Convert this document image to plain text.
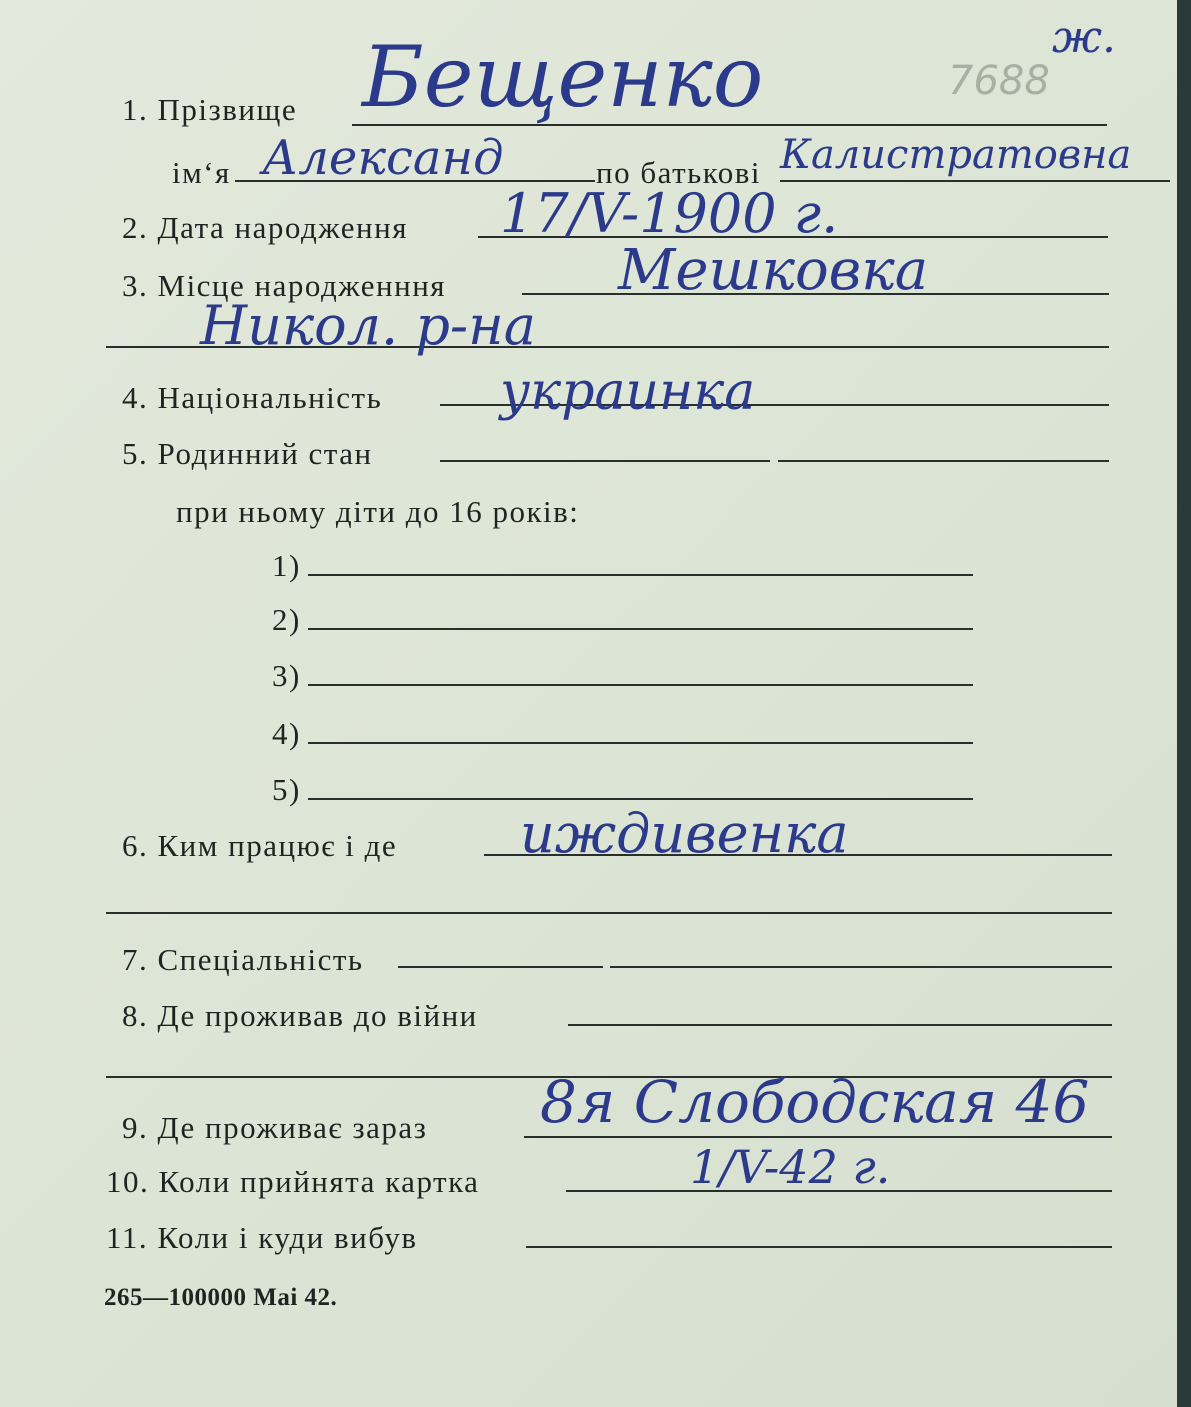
ж.
7688
1. Прізвище Бещенко
ім‘я Александ	по батькові Калистратовна
2. Дата народження 17/V-1900 г.
3. Місце народженння	Мешковка
Никол. р-на
4. Національність украинка
5. Родинний стан
при ньому діти до 16 років:
1)
2)
3)
4)
5)
6. Ким працює і де иждивенка
7. Спеціальність
8. Де проживав до війни
9. Де проживає зараз 8я Слободская 46
10. Коли прийнята картка	1/V-42 г.
11. Коли і куди вибув
265—100000 Mai 42.
